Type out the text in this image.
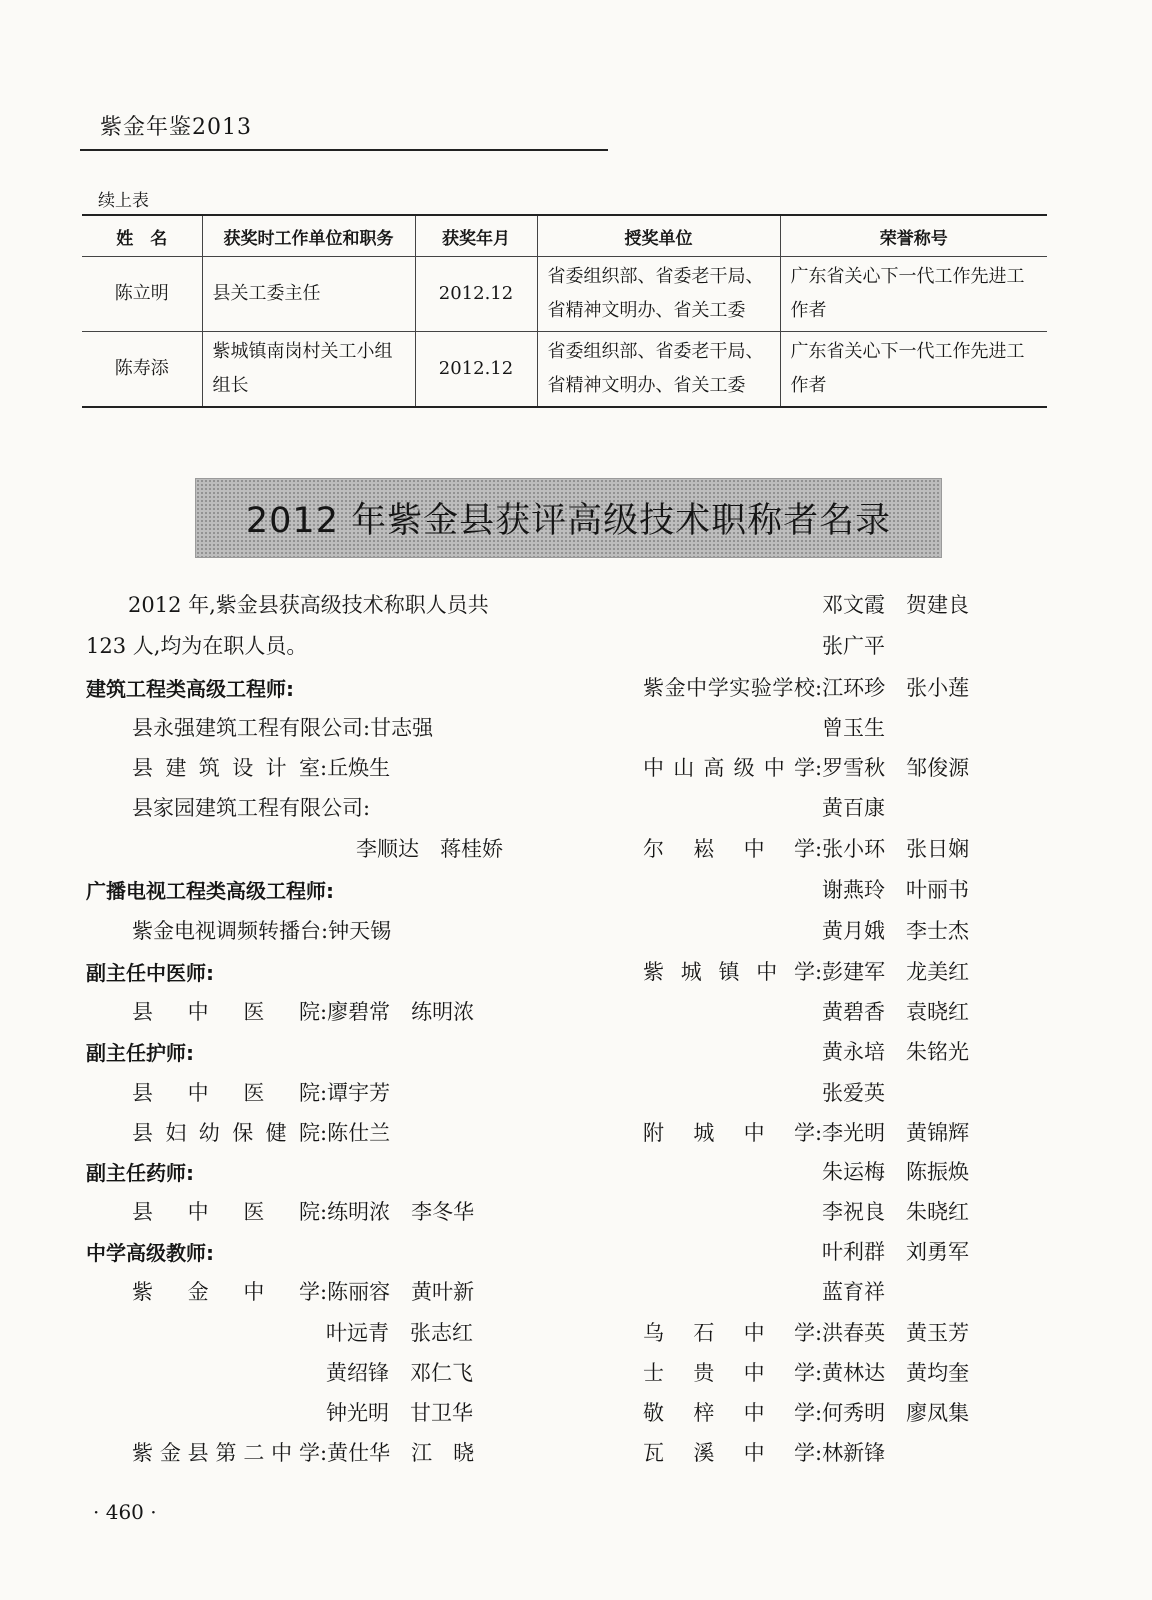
紫金年鉴2013
续上表
姓　名	获奖时工作单位和职务	获奖年月	授奖单位	荣誉称号
陈立明	县关工委主任	2012.12	省委组织部、省委老干局、省精神文明办、省关工委	广东省关心下一代工作先进工作者
陈寿添	紫城镇南岗村关工小组组长	2012.12	省委组织部、省委老干局、省精神文明办、省关工委	广东省关心下一代工作先进工作者
2012 年紫金县获评高级技术职称者名录
2012 年,紫金县获高级技术称职人员共
123 人,均为在职人员。
建筑工程类高级工程师:
县永强建筑工程有限公司:甘志强
县建筑设计室:丘焕生
县家园建筑工程有限公司:
李顺达　蒋桂娇
广播电视工程类高级工程师:
紫金电视调频转播台:钟天锡
副主任中医师:
县中医院:廖碧常　练明浓
副主任护师:
县中医院:谭宇芳
县妇幼保健院:陈仕兰
副主任药师:
县中医院:练明浓　李冬华
中学高级教师:
紫金中学:陈丽容　黄叶新
叶远青　张志红
黄绍锋　邓仁飞
钟光明　甘卫华
紫金县第二中学:黄仕华　江　晓
邓文霞　贺建良
张广平
紫金中学实验学校:江环珍　张小莲
曾玉生
中山高级中学:罗雪秋　邹俊源
黄百康
尔崧中学:张小环　张日娴
谢燕玲　叶丽书
黄月娥　李士杰
紫城镇中学:彭建军　龙美红
黄碧香　袁晓红
黄永培　朱铭光
张爱英
附城中学:李光明　黄锦辉
朱运梅　陈振焕
李祝良　朱晓红
叶利群　刘勇军
蓝育祥
乌石中学:洪春英　黄玉芳
士贵中学:黄林达　黄均奎
敬梓中学:何秀明　廖凤集
瓦溪中学:林新锋
· 460 ·
